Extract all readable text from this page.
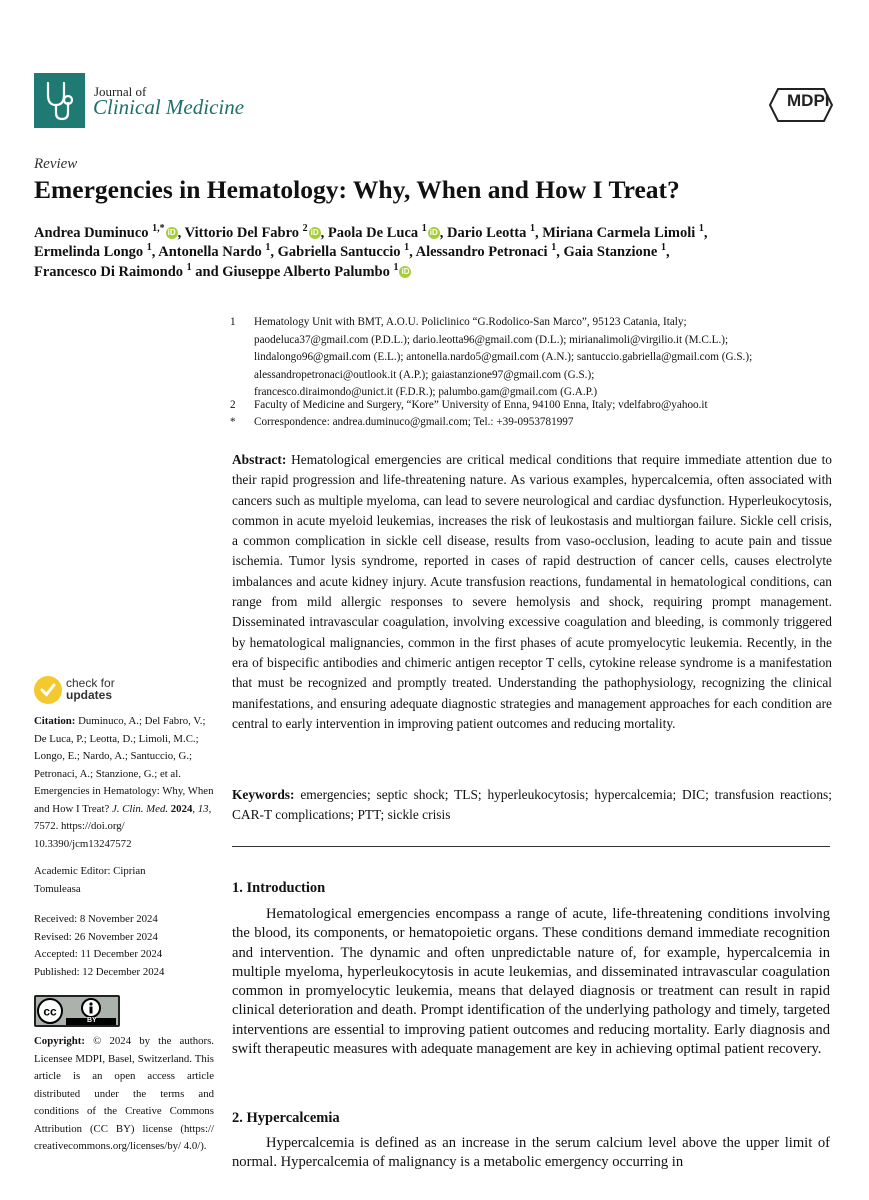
Journal of
Clinical Medicine	MDPI
Review
Emergencies in Hematology: Why, When and How I Treat?
Andrea Duminuco $^{1,*}$ iD , Vittorio Del Fabro $^2$ iD , Paola De Luca $^1$ iD , Dario Leotta $^1$, Miriana Carmela Limoli $^1$,
Ermelinda Longo $^1$, Antonella Nardo $^1$, Gabriella Santuccio $^1$, Alessandro Petronaci $^1$, Gaia Stanzione $^1$,
Francesco Di Raimondo $^1$ and Giuseppe Alberto Palumbo $^1$ iD
1 Hematology Unit with BMT, A.O.U. Policlinico “G.Rodolico-San Marco”, 95123 Catania, Italy;
paodeluca37@gmail.com (P.D.L.); dario.leotta96@gmail.com (D.L.); mirianalimoli@virgilio.it (M.C.L.);
lindalongo96@gmail.com (E.L.); antonella.nardo5@gmail.com (A.N.); santuccio.gabriella@gmail.com (G.S.);
alessandropetronaci@outlook.it (A.P.); gaiastanzione97@gmail.com (G.S.);
francesco.diraimondo@unict.it (F.D.R.); palumbo.gam@gmail.com (G.A.P.)
2 Faculty of Medicine and Surgery, “Kore” University of Enna, 94100 Enna, Italy; vdelfabro@yahoo.it
* Correspondence: andrea.duminuco@gmail.com; Tel.: +39-0953781997
Abstract: Hematological emergencies are critical medical conditions that require immediate attention due to their rapid progression and life-threatening nature. As various examples, hypercalcemia, often associated with cancers such as multiple myeloma, can lead to severe neurological and cardiac dysfunction. Hyperleukocytosis, common in acute myeloid leukemias, increases the risk of leukostasis and multiorgan failure. Sickle cell crisis, a common complication in sickle cell disease, results from vaso-occlusion, leading to acute pain and tissue ischemia. Tumor lysis syndrome, reported in cases of rapid destruction of cancer cells, causes electrolyte imbalances and acute kidney injury. Acute transfusion reactions, fundamental in hematological conditions, can range from mild allergic responses to severe hemolysis and shock, requiring prompt management. Disseminated intravascular coagulation, involving excessive coagulation and bleeding, is commonly triggered by hematological malignancies, common in the first phases of acute promyelocytic leukemia. Recently, in the era of bispecific antibodies and chimeric antigen receptor T cells, cytokine release syndrome is a manifestation that must be recognized and promptly treated. Understanding the pathophysiology, recognizing the clinical manifestations, and ensuring adequate diagnostic strategies and management approaches for each condition are central to early intervention in improving patient outcomes and reducing mortality.
Keywords: emergencies; septic shock; TLS; hyperleukocytosis; hypercalcemia; DIC; transfusion reactions; CAR-T complications; PTT; sickle crisis
check for
updates
Citation: Duminuco, A.; Del Fabro, V.; De Luca, P.; Leotta, D.; Limoli, M.C.; Longo, E.; Nardo, A.; Santuccio, G.; Petronaci, A.; Stanzione, G.; et al. Emergencies in Hematology: Why, When and How I Treat? J. Clin. Med. 2024, 13, 7572. https://doi.org/ 10.3390/jcm13247572
Academic Editor: Ciprian
Tomuleasa
Received: 8 November 2024
Revised: 26 November 2024
Accepted: 11 December 2024
Published: 12 December 2024
cc
BY
Copyright: © 2024 by the authors. Licensee MDPI, Basel, Switzerland. This article is an open access article distributed under the terms and conditions of the Creative Commons Attribution (CC BY) license (https:// creativecommons.org/licenses/by/ 4.0/).
1. Introduction
Hematological emergencies encompass a range of acute, life-threatening conditions involving the blood, its components, or hematopoietic organs. These conditions demand immediate recognition and intervention. The dynamic and often unpredictable nature of, for example, hypercalcemia in multiple myeloma, hyperleukocytosis in acute leukemias, and disseminated intravascular coagulation common in promyelocytic leukemia, means that delayed diagnosis or treatment can result in rapid clinical deterioration and death. Prompt identification of the underlying pathology and timely, targeted interventions are essential to improving patient outcomes and reducing mortality. Early diagnosis and swift therapeutic measures with adequate management are key in achieving optimal patient recovery.
2. Hypercalcemia
Hypercalcemia is defined as an increase in the serum calcium level above the upper limit of normal. Hypercalcemia of malignancy is a metabolic emergency occurring in
